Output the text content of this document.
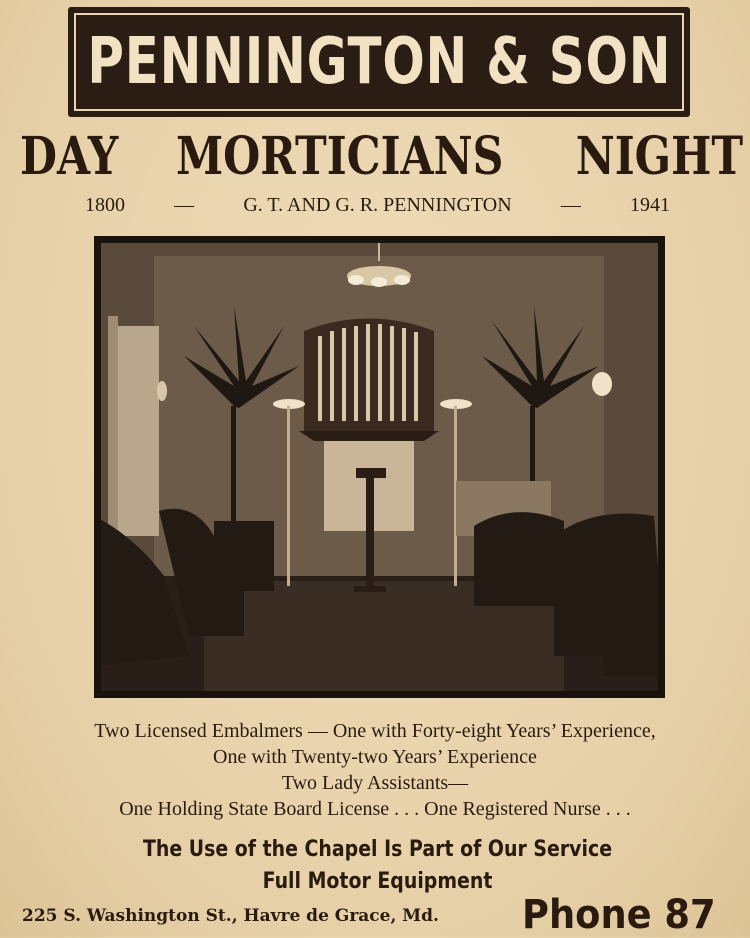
PENNINGTON & SON
DAY MORTICIANS NIGHT
1800 — G. T. AND G. R. PENNINGTON — 1941
Two Licensed Embalmers — One with Forty-eight Years’ Experience,
One with Twenty-two Years’ Experience
Two Lady Assistants—
One Holding State Board License . . . One Registered Nurse . . .
The Use of the Chapel Is Part of Our Service
Full Motor Equipment
225 S. Washington St., Havre de Grace, Md. Phone 87
